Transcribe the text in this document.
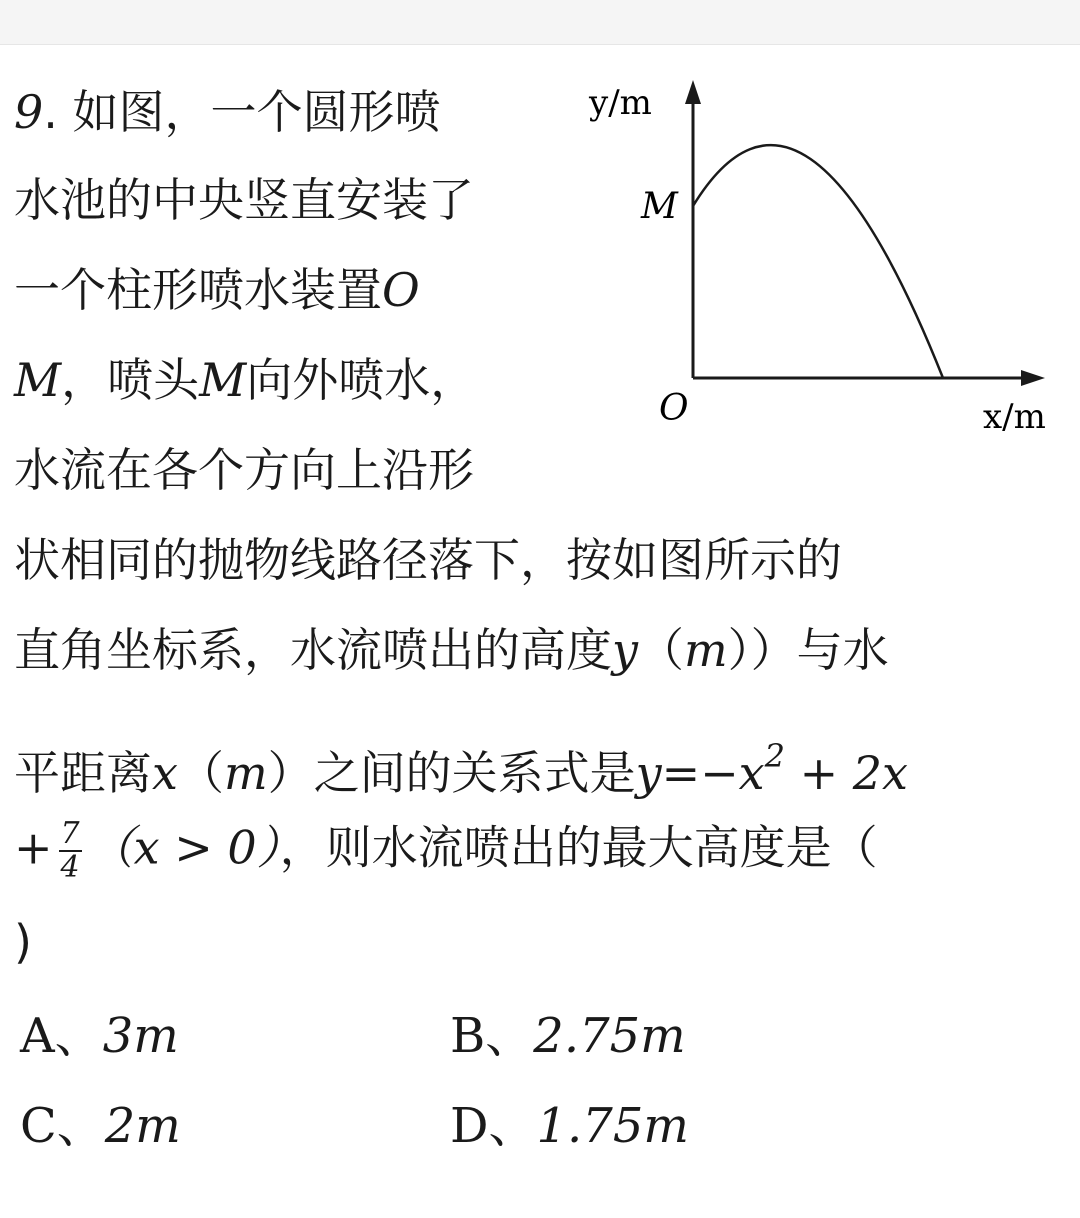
9. 如图，一个圆形喷
水池的中央竖直安装了
一个柱形喷水装置O
M，喷头M向外喷水，
水流在各个方向上沿形
状相同的抛物线路径落下，按如图所示的
直角坐标系，水流喷出的高度y（m））与水
平距离x（m）之间的关系式是$y=-x^2 + 2x$
+ $\frac{7}{4} (x > 0)$，则水流喷出的最大高度是（
)
y/m
x/m
M
O
A、3m	B、2.75m
C、2m	D、1.75m
